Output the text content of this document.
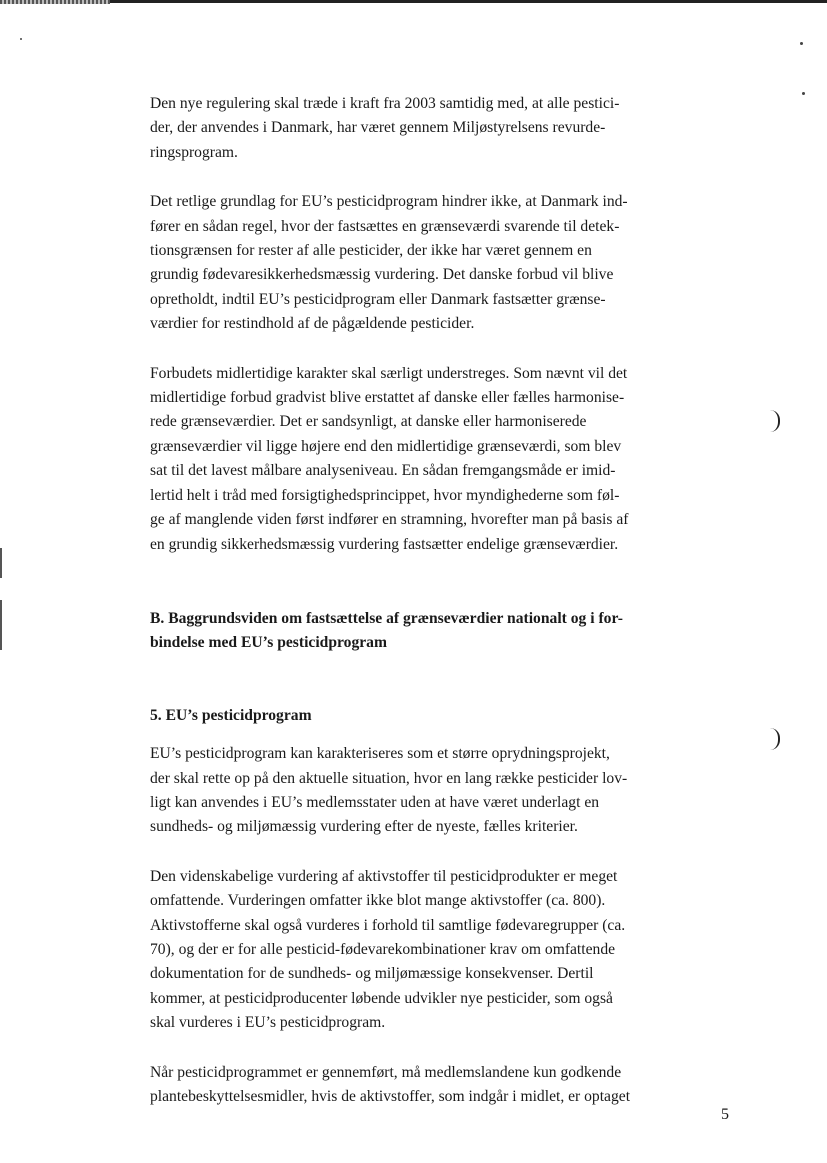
Den nye regulering skal træde i kraft fra 2003 samtidig med, at alle pestici-
der, der anvendes i Danmark, har været gennem Miljøstyrelsens revurde-
ringsprogram.

Det retlige grundlag for EU’s pesticidprogram hindrer ikke, at Danmark ind-
fører en sådan regel, hvor der fastsættes en grænseværdi svarende til detek-
tionsgrænsen for rester af alle pesticider, der ikke har været gennem en
grundig fødevaresikkerhedsmæssig vurdering. Det danske forbud vil blive
opretholdt, indtil EU’s pesticidprogram eller Danmark fastsætter grænse-
værdier for restindhold af de pågældende pesticider.

Forbudets midlertidige karakter skal særligt understreges. Som nævnt vil det
midlertidige forbud gradvist blive erstattet af danske eller fælles harmonise-
rede grænseværdier. Det er sandsynligt, at danske eller harmoniserede
grænseværdier vil ligge højere end den midlertidige grænseværdi, som blev
sat til det lavest målbare analyseniveau. En sådan fremgangsmåde er imid-
lertid helt i tråd med forsigtighedsprincippet, hvor myndighederne som føl-
ge af manglende viden først indfører en stramning, hvorefter man på basis af
en grundig sikkerhedsmæssig vurdering fastsætter endelige grænseværdier.

B. Baggrundsviden om fastsættelse af grænseværdier nationalt og i for-
bindelse med EU’s pesticidprogram

5. EU’s pesticidprogram

EU’s pesticidprogram kan karakteriseres som et større oprydningsprojekt,
der skal rette op på den aktuelle situation, hvor en lang række pesticider lov-
ligt kan anvendes i EU’s medlemsstater uden at have været underlagt en
sundheds- og miljømæssig vurdering efter de nyeste, fælles kriterier.

Den videnskabelige vurdering af aktivstoffer til pesticidprodukter er meget
omfattende. Vurderingen omfatter ikke blot mange aktivstoffer (ca. 800).
Aktivstofferne skal også vurderes i forhold til samtlige fødevaregrupper (ca.
70), og der er for alle pesticid-fødevarekombinationer krav om omfattende
dokumentation for de sundheds- og miljømæssige konsekvenser. Dertil
kommer, at pesticidproducenter løbende udvikler nye pesticider, som også
skal vurderes i EU’s pesticidprogram.

Når pesticidprogrammet er gennemført, må medlemslandene kun godkende
plantebeskyttelsesmidler, hvis de aktivstoffer, som indgår i midlet, er optaget

5
